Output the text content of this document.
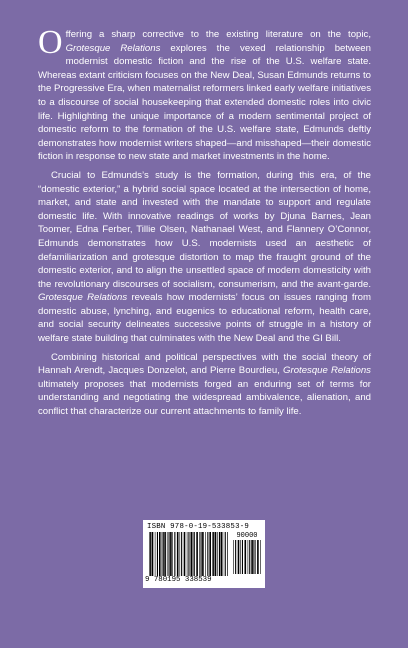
Offering a sharp corrective to the existing literature on the topic, Grotesque Relations explores the vexed relationship between modernist domestic fiction and the rise of the U.S. welfare state. Whereas extant criticism focuses on the New Deal, Susan Edmunds returns to the Progressive Era, when maternalist reformers linked early welfare initiatives to a discourse of social housekeeping that extended domestic roles into civic life. Highlighting the unique importance of a modern sentimental project of domestic reform to the formation of the U.S. welfare state, Edmunds deftly demonstrates how modernist writers shaped—and misshaped—their domestic fiction in response to new state and market investments in the home.

Crucial to Edmunds’s study is the formation, during this era, of the “domestic exterior,” a hybrid social space located at the intersection of home, market, and state and invested with the mandate to support and regulate domestic life. With innovative readings of works by Djuna Barnes, Jean Toomer, Edna Ferber, Tillie Olsen, Nathanael West, and Flannery O’Connor, Edmunds demonstrates how U.S. modernists used an aesthetic of defamiliarization and grotesque distortion to map the fraught ground of the domestic exterior, and to align the unsettled space of modern domesticity with the revolutionary discourses of socialism, consumerism, and the avant-garde. Grotesque Relations reveals how modernists’ focus on issues ranging from domestic abuse, lynching, and eugenics to educational reform, health care, and social security delineates successive points of struggle in a history of welfare state building that culminates with the New Deal and the GI Bill.

Combining historical and political perspectives with the social theory of Hannah Arendt, Jacques Donzelot, and Pierre Bourdieu, Grotesque Relations ultimately proposes that modernists forged an enduring set of terms for understanding and negotiating the widespread ambivalence, alienation, and conflict that characterize our current attachments to family life.

ISBN 978-0-19-533853-9
90000
9 780195 338539
